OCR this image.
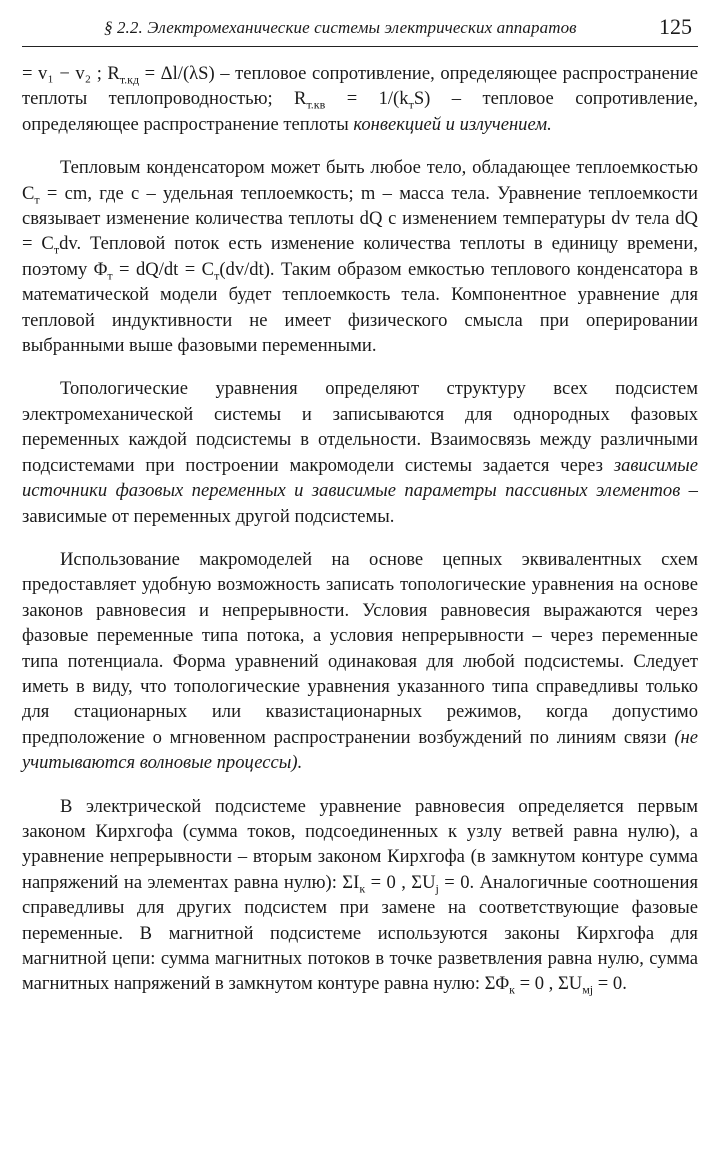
§ 2.2. Электромеханические системы электрических аппаратов	125

= v₁ − v₂ ; $R_{т.кд} = \Delta l/(\lambda S)$ – тепловое сопротивление, определяющее распространение теплоты теплопроводностью; $R_{т.кв} = 1/(k_тS)$ – тепловое сопротивление, определяющее распространение теплоты конвекцией и излучением.

Тепловым конденсатором может быть любое тело, обладающее теплоемкостью $C_т$ = cm, где c – удельная теплоемкость; m – масса тела. Уравнение теплоемкости связывает изменение количества теплоты dQ с изменением температуры dv тела dQ = $C_тdv$. Тепловой поток есть изменение количества теплоты в единицу времени, поэтому $\Phi_т = dQ/dt = C_т(dv/dt)$. Таким образом емкостью теплового конденсатора в математической модели будет теплоемкость тела. Компонентное уравнение для тепловой индуктивности не имеет физического смысла при оперировании выбранными выше фазовыми переменными.

Топологические уравнения определяют структуру всех подсистем электромеханической системы и записываются для однородных фазовых переменных каждой подсистемы в отдельности. Взаимосвязь между различными подсистемами при построении макромодели системы задается через зависимые источники фазовых переменных и зависимые параметры пассивных элементов – зависимые от переменных другой подсистемы.

Использование макромоделей на основе цепных эквивалентных схем предоставляет удобную возможность записать топологические уравнения на основе законов равновесия и непрерывности. Условия равновесия выражаются через фазовые переменные типа потока, а условия непрерывности – через переменные типа потенциала. Форма уравнений одинаковая для любой подсистемы. Следует иметь в виду, что топологические уравнения указанного типа справедливы только для стационарных или квазистационарных режимов, когда допустимо предположение о мгновенном распространении возбуждений по линиям связи (не учитываются волновые процессы).

В электрической подсистеме уравнение равновесия определяется первым законом Кирхгофа (сумма токов, подсоединенных к узлу ветвей равна нулю), а уравнение непрерывности – вторым законом Кирхгофа (в замкнутом контуре сумма напряжений на элементах равна нулю): $\Sigma I_к = 0$ , $\Sigma U_j = 0$. Аналогичные соотношения справедливы для других подсистем при замене на соответствующие фазовые переменные. В магнитной подсистеме используются законы Кирхгофа для магнитной цепи: сумма магнитных потоков в точке разветвления равна нулю, сумма магнитных напряжений в замкнутом контуре равна нулю: $\Sigma\Phi_к = 0$ , $\Sigma U_{мj} = 0$.
